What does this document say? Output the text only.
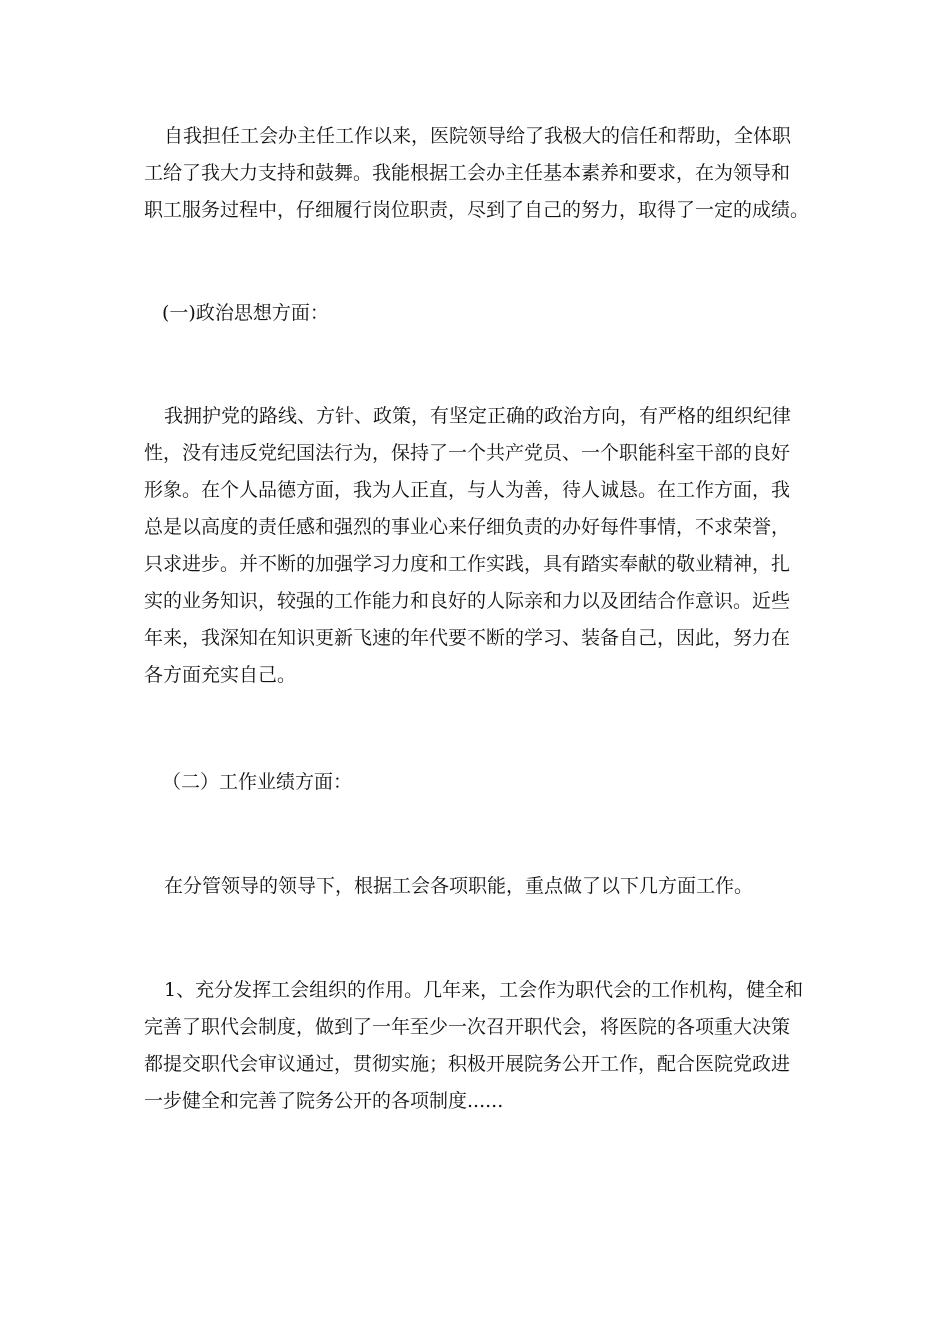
自我担任工会办主任工作以来，医院领导给了我极大的信任和帮助，全体职
工给了我大力支持和鼓舞。我能根据工会办主任基本素养和要求，在为领导和
职工服务过程中，仔细履行岗位职责，尽到了自己的努力，取得了一定的成绩。

(一)政治思想方面：

我拥护党的路线、方针、政策，有坚定正确的政治方向，有严格的组织纪律
性，没有违反党纪国法行为，保持了一个共产党员、一个职能科室干部的良好
形象。在个人品德方面，我为人正直，与人为善，待人诚恳。在工作方面，我
总是以高度的责任感和强烈的事业心来仔细负责的办好每件事情，不求荣誉，
只求进步。并不断的加强学习力度和工作实践，具有踏实奉献的敬业精神，扎
实的业务知识，较强的工作能力和良好的人际亲和力以及团结合作意识。近些
年来，我深知在知识更新飞速的年代要不断的学习、装备自己，因此，努力在
各方面充实自己。

（二）工作业绩方面：

在分管领导的领导下，根据工会各项职能，重点做了以下几方面工作。

1、充分发挥工会组织的作用。几年来，工会作为职代会的工作机构，健全和
完善了职代会制度，做到了一年至少一次召开职代会，将医院的各项重大决策
都提交职代会审议通过，贯彻实施；积极开展院务公开工作，配合医院党政进
一步健全和完善了院务公开的各项制度......
